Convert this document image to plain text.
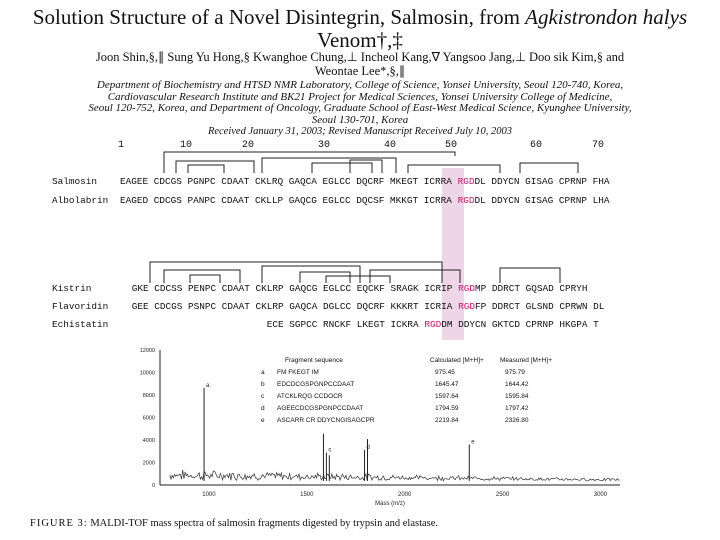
Solution Structure of a Novel Disintegrin, Salmosin, from Agkistrondon halys
Venom†,‡
Joon Shin,§,∥ Sung Yu Hong,§ Kwanghoe Chung,⊥ Incheol Kang,∇ Yangsoo Jang,⊥ Doo sik Kim,§ and
Weontae Lee*,§,∥
Department of Biochemistry and HTSD NMR Laboratory, College of Science, Yonsei University, Seoul 120-740, Korea,
Cardiovascular Research Institute and BK21 Project for Medical Sciences, Yonsei University College of Medicine,
Seoul 120-752, Korea, and Department of Oncology, Graduate School of East-West Medical Science, Kyunghee University,
Seoul 130-701, Korea
Received January 31, 2003; Revised Manuscript Received July 10, 2003
1	10	20	30	40	50	60	70
Salmosin EAGEE CDCGS PGNPC CDAAT CKLRQ GAQCA EGLCC DQCRF MKEGT ICRRA RGDDL DDYCN GISAG CPRNP FHA
Albolabrin EAGED CDCGS PANPC CDAAT CKLLP GAQCG EGLCC DQCSF MKKGT ICRRA RGDDL DDYCN GISAG CPRNP LHA
Kistrin GKE CDCSS PENPC CDAAT CKLRP GAQCG EGLCC EQCKF SRAGK ICRIP RGDMP DDRCT GQSAD CPRYH
Flavoridin
GEE CDCGS PSNPC CDAAT CKLRP GAQCA DGLCC DQCRF KKKRT ICRIA RGDFP DDRCT GLSND CPRWN DL
Echistatin
ECE SGPCC RNCKF LKEGT ICKRA RGDDM DDYCN GKTCD CPRNP HKGPA T
12000
10000
8000
6000
4000
2000
0
1000	1500	2000	2500	3000
Mass (m/z)
a
c	d
e
Fragment sequence	Calculated [M+H]+ Measured [M+H]+
a FM FKEGT IM	975.45	975.79
b EDCDCGSPGNPCCDAAT	1645.47	1644.42
c ATCKLRQG CCDOCR	1597.64	1595.84
d AGEECDCGSPGNPCCDAAT	1794.59	1797.42
e ASCARR CR DDYCNGISAGCPR	2219.84	2326.80
FIGURE 3: MALDI-TOF mass spectra of salmosin fragments digested by trypsin and elastase.
